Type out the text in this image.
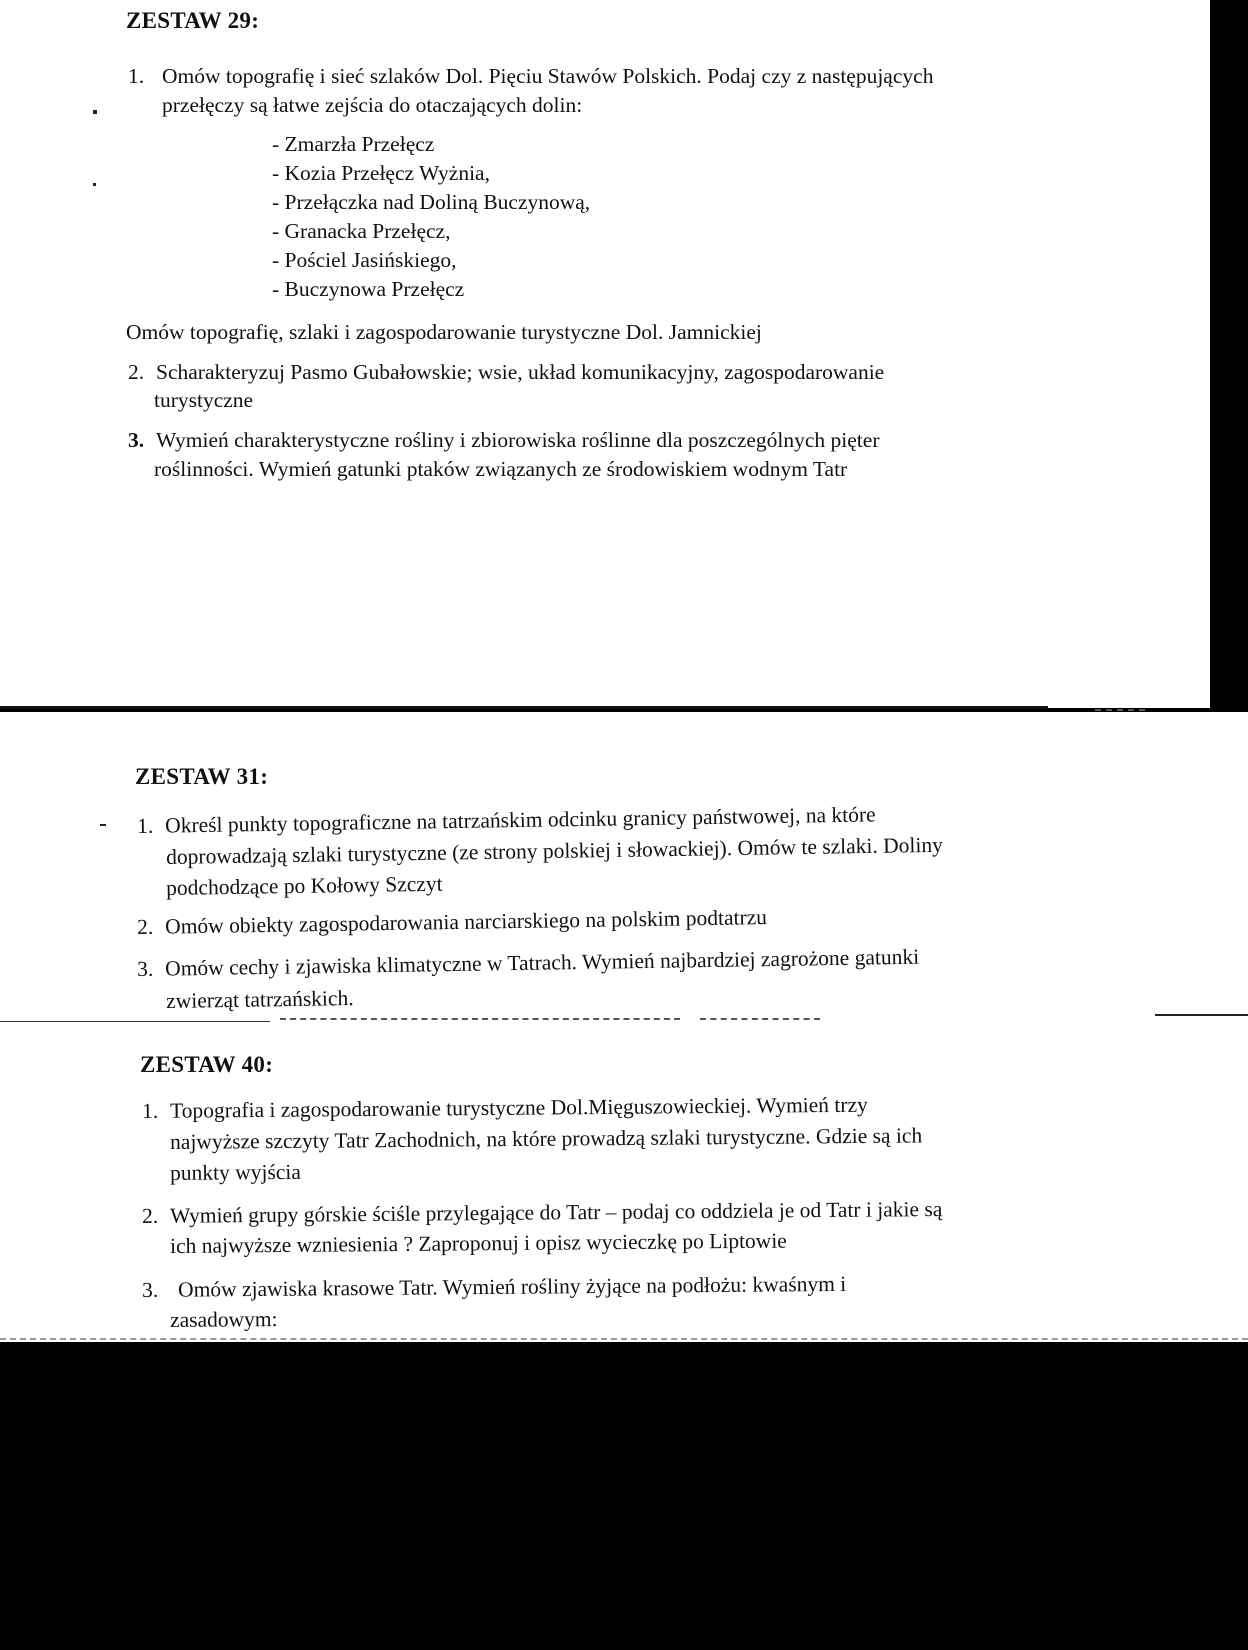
ZESTAW 29:
1. Omów topografię i sieć szlaków Dol. Pięciu Stawów Polskich. Podaj czy z następujących
przełęczy są łatwe zejścia do otaczających dolin:
- Zmarzła Przełęcz
- Kozia Przełęcz Wyżnia,
- Przełączka nad Doliną Buczynową,
- Granacka Przełęcz,
- Pościel Jasińskiego,
- Buczynowa Przełęcz
Omów topografię, szlaki i zagospodarowanie turystyczne Dol. Jamnickiej
2. Scharakteryzuj Pasmo Gubałowskie; wsie, układ komunikacyjny, zagospodarowanie
turystyczne
3. Wymień charakterystyczne rośliny i zbiorowiska roślinne dla poszczególnych pięter
roślinności. Wymień gatunki ptaków związanych ze środowiskiem wodnym Tatr
ZESTAW 31:
1. Określ punkty topograficzne na tatrzańskim odcinku granicy państwowej, na które
doprowadzają szlaki turystyczne (ze strony polskiej i słowackiej). Omów te szlaki. Doliny
podchodzące po Kołowy Szczyt
2. Omów obiekty zagospodarowania narciarskiego na polskim podtatrzu
3. Omów cechy i zjawiska klimatyczne w Tatrach. Wymień najbardziej zagrożone gatunki
zwierząt tatrzańskich.
ZESTAW 40:
1. Topografia i zagospodarowanie turystyczne Dol.Mięguszowieckiej. Wymień trzy
najwyższe szczyty Tatr Zachodnich, na które prowadzą szlaki turystyczne. Gdzie są ich
punkty wyjścia
2. Wymień grupy górskie ściśle przylegające do Tatr – podaj co oddziela je od Tatr i jakie są
ich najwyższe wzniesienia ? Zaproponuj i opisz wycieczkę po Liptowie
3. Omów zjawiska krasowe Tatr. Wymień rośliny żyjące na podłożu: kwaśnym i
zasadowym:
